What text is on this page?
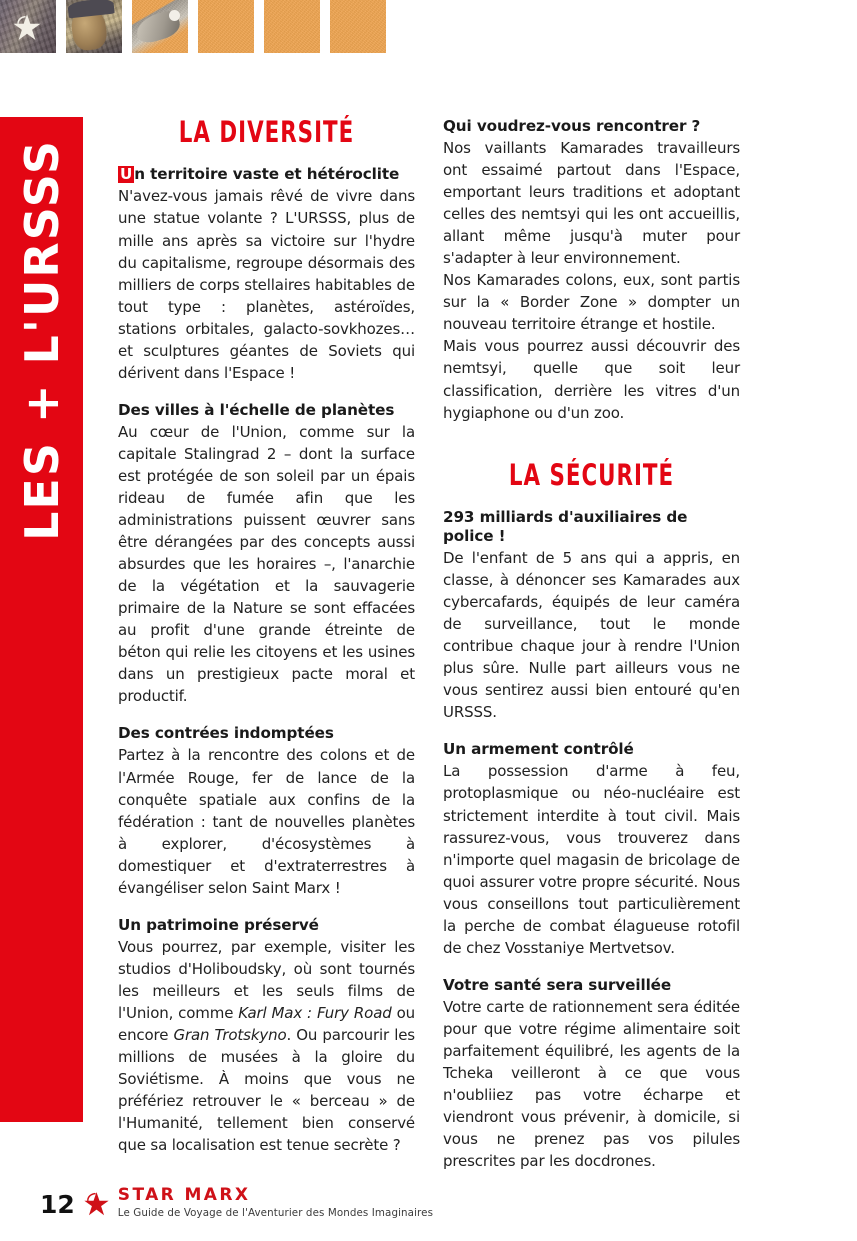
LES + L'URSSS
LA DIVERSITÉ
U n territoire vaste et hétéroclite

N'avez-vous jamais rêvé de vivre dans une statue volante ? L'URSSS, plus de mille ans après sa victoire sur l'hydre du capitalisme, regroupe désormais des milliers de corps stellaires habitables de tout type : planètes, astéroïdes, stations orbitales, galacto-sovkhozes… et sculptures géantes de Soviets qui dérivent dans l'Espace !

Des villes à l'échelle de planètes

Au cœur de l'Union, comme sur la capitale Stalingrad 2 – dont la surface est protégée de son soleil par un épais rideau de fumée afin que les administrations puissent œuvrer sans être dérangées par des concepts aussi absurdes que les horaires –, l'anarchie de la végétation et la sauvagerie primaire de la Nature se sont effacées au profit d'une grande étreinte de béton qui relie les citoyens et les usines dans un prestigieux pacte moral et productif.

Des contrées indomptées

Partez à la rencontre des colons et de l'Armée Rouge, fer de lance de la conquête spatiale aux confins de la fédération : tant de nouvelles planètes à explorer, d'écosystèmes à domestiquer et d'extraterrestres à évangéliser selon Saint Marx !

Un patrimoine préservé

Vous pourrez, par exemple, visiter les studios d'Holiboudsky, où sont tournés les meilleurs et les seuls films de l'Union, comme Karl Max : Fury Road ou encore Gran Trotskyno. Ou parcourir les millions de musées à la gloire du Soviétisme. À moins que vous ne préfériez retrouver le « berceau » de l'Humanité, tellement bien conservé que sa localisation est tenue secrète ?

Qui voudrez-vous rencontrer ?

Nos vaillants Kamarades travailleurs ont essaimé partout dans l'Espace, emportant leurs traditions et adoptant celles des nemtsyi qui les ont accueillis, allant même jusqu'à muter pour s'adapter à leur environnement.
Nos Kamarades colons, eux, sont partis sur la « Border Zone » dompter un nouveau territoire étrange et hostile.
Mais vous pourrez aussi découvrir des nemtsyi, quelle que soit leur classification, derrière les vitres d'un hygiaphone ou d'un zoo.

LA SÉCURITÉ
293 milliards d'auxiliaires de police !

De l'enfant de 5 ans qui a appris, en classe, à dénoncer ses Kamarades aux cybercafards, équipés de leur caméra de surveillance, tout le monde contribue chaque jour à rendre l'Union plus sûre. Nulle part ailleurs vous ne vous sentirez aussi bien entouré qu'en URSSS.

Un armement contrôlé

La possession d'arme à feu, protoplasmique ou néo-nucléaire est strictement interdite à tout civil. Mais rassurez-vous, vous trouverez dans n'importe quel magasin de bricolage de quoi assurer votre propre sécurité. Nous vous conseillons tout particulièrement la perche de combat élagueuse rotofil de chez Vosstaniye Mertvetsov.

Votre santé sera surveillée

Votre carte de rationnement sera éditée pour que votre régime alimentaire soit parfaitement équilibré, les agents de la Tcheka veilleront à ce que vous n'oubliiez pas votre écharpe et viendront vous prévenir, à domicile, si vous ne prenez pas vos pilules prescrites par les docdrones.

12	STAR MARX
Le Guide de Voyage de l'Aventurier des Mondes Imaginaires
